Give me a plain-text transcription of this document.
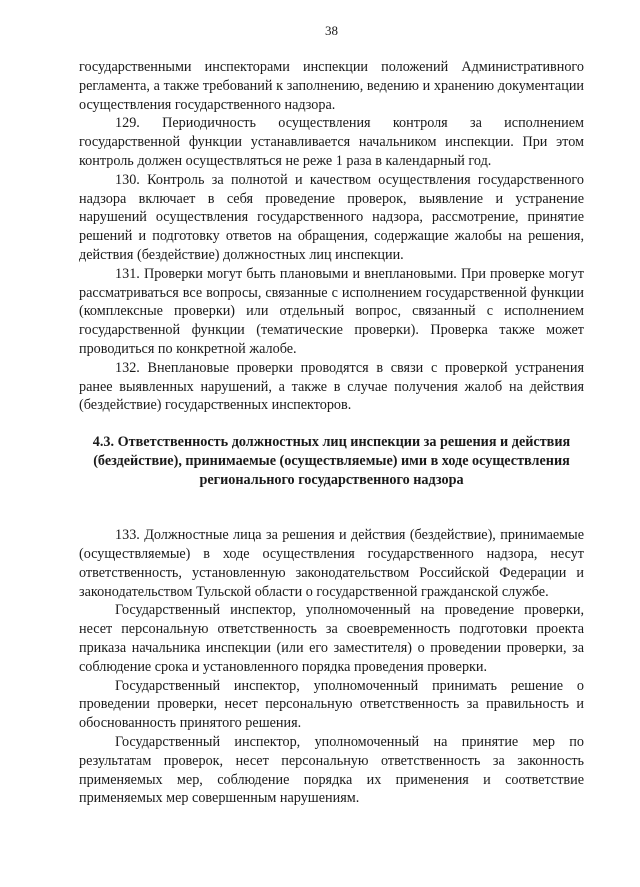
38

государственными инспекторами инспекции положений Административного регламента, а также требований к заполнению, ведению и хранению документации осуществления государственного надзора.

129. Периодичность осуществления контроля за исполнением государственной функции устанавливается начальником инспекции. При этом контроль должен осуществляться не реже 1 раза в календарный год.

130. Контроль за полнотой и качеством осуществления государственного надзора включает в себя проведение проверок, выявление и устранение нарушений осуществления государственного надзора, рассмотрение, принятие решений и подготовку ответов на обращения, содержащие жалобы на решения, действия (бездействие) должностных лиц инспекции.

131. Проверки могут быть плановыми и внеплановыми. При проверке могут рассматриваться все вопросы, связанные с исполнением государственной функции (комплексные проверки) или отдельный вопрос, связанный с исполнением государственной функции (тематические проверки). Проверка также может проводиться по конкретной жалобе.

132. Внеплановые проверки проводятся в связи с проверкой устранения ранее выявленных нарушений, а также в случае получения жалоб на действия (бездействие) государственных инспекторов.

4.3. Ответственность должностных лиц инспекции за решения и действия (бездействие), принимаемые (осуществляемые) ими в ходе осуществления регионального государственного надзора

133. Должностные лица за решения и действия (бездействие), принимаемые (осуществляемые) в ходе осуществления государственного надзора, несут ответственность, установленную законодательством Российской Федерации и законодательством Тульской области о государственной гражданской службе.

Государственный инспектор, уполномоченный на проведение проверки, несет персональную ответственность за своевременность подготовки проекта приказа начальника инспекции (или его заместителя) о проведении проверки, за соблюдение срока и установленного порядка проведения проверки.

Государственный инспектор, уполномоченный принимать решение о проведении проверки, несет персональную ответственность за правильность и обоснованность принятого решения.

Государственный инспектор, уполномоченный на принятие мер по результатам проверок, несет персональную ответственность за законность применяемых мер, соблюдение порядка их применения и соответствие применяемых мер совершенным нарушениям.
